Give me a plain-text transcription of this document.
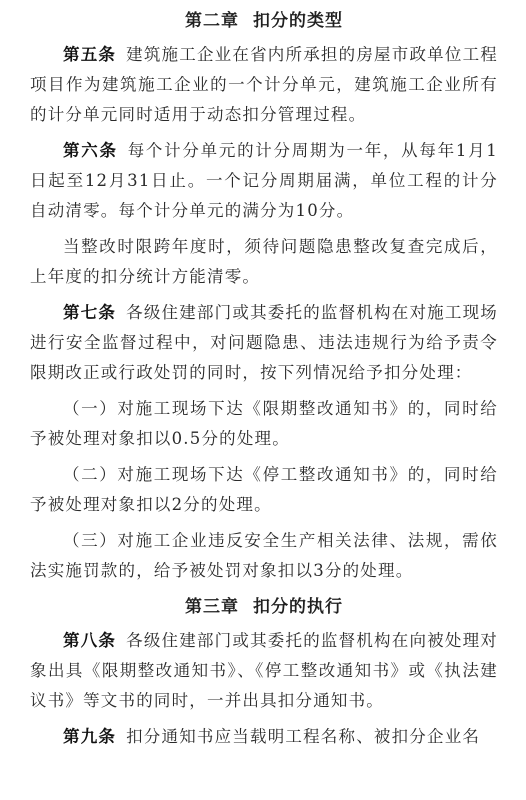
第二章 扣分的类型

第五条 建筑施工企业在省内所承担的房屋市政单位工程项目作为建筑施工企业的一个计分单元，建筑施工企业所有的计分单元同时适用于动态扣分管理过程。

第六条 每个计分单元的计分周期为一年，从每年1月1日起至12月31日止。一个记分周期届满，单位工程的计分自动清零。每个计分单元的满分为10分。

当整改时限跨年度时，须待问题隐患整改复查完成后，上年度的扣分统计方能清零。

第七条 各级住建部门或其委托的监督机构在对施工现场进行安全监督过程中，对问题隐患、违法违规行为给予责令限期改正或行政处罚的同时，按下列情况给予扣分处理：

（一）对施工现场下达《限期整改通知书》的，同时给予被处理对象扣以0.5分的处理。

（二）对施工现场下达《停工整改通知书》的，同时给予被处理对象扣以2分的处理。

（三）对施工企业违反安全生产相关法律、法规，需依法实施罚款的，给予被处罚对象扣以3分的处理。

第三章 扣分的执行

第八条 各级住建部门或其委托的监督机构在向被处理对象出具《限期整改通知书》、《停工整改通知书》或《执法建议书》等文书的同时，一并出具扣分通知书。

第九条 扣分通知书应当载明工程名称、被扣分企业名
